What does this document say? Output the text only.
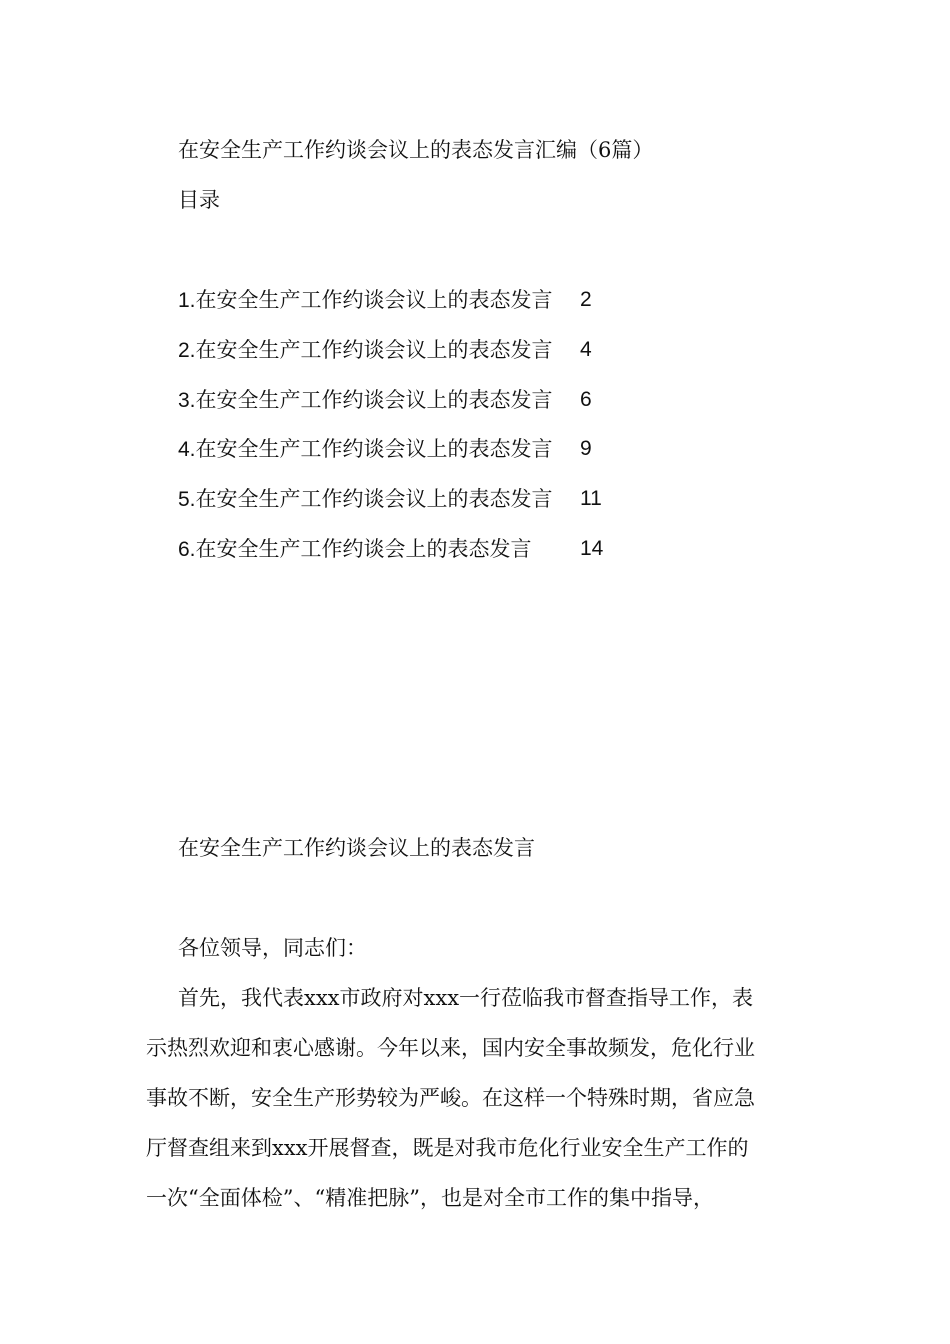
在安全生产工作约谈会议上的表态发言汇编（6篇）
目录
1.在安全生产工作约谈会议上的表态发言 2
2.在安全生产工作约谈会议上的表态发言 4
3.在安全生产工作约谈会议上的表态发言 6
4.在安全生产工作约谈会议上的表态发言 9
5.在安全生产工作约谈会议上的表态发言 11
6.在安全生产工作约谈会上的表态发言 14
在安全生产工作约谈会议上的表态发言
各位领导，同志们：
首先，我代表xxx市政府对xxx一行莅临我市督查指导工作，表
示热烈欢迎和衷心感谢。今年以来，国内安全事故频发，危化行业
事故不断，安全生产形势较为严峻。在这样一个特殊时期，省应急
厅督查组来到xxx开展督查，既是对我市危化行业安全生产工作的
一次“全面体检”、“精准把脉”，也是对全市工作的集中指导，
